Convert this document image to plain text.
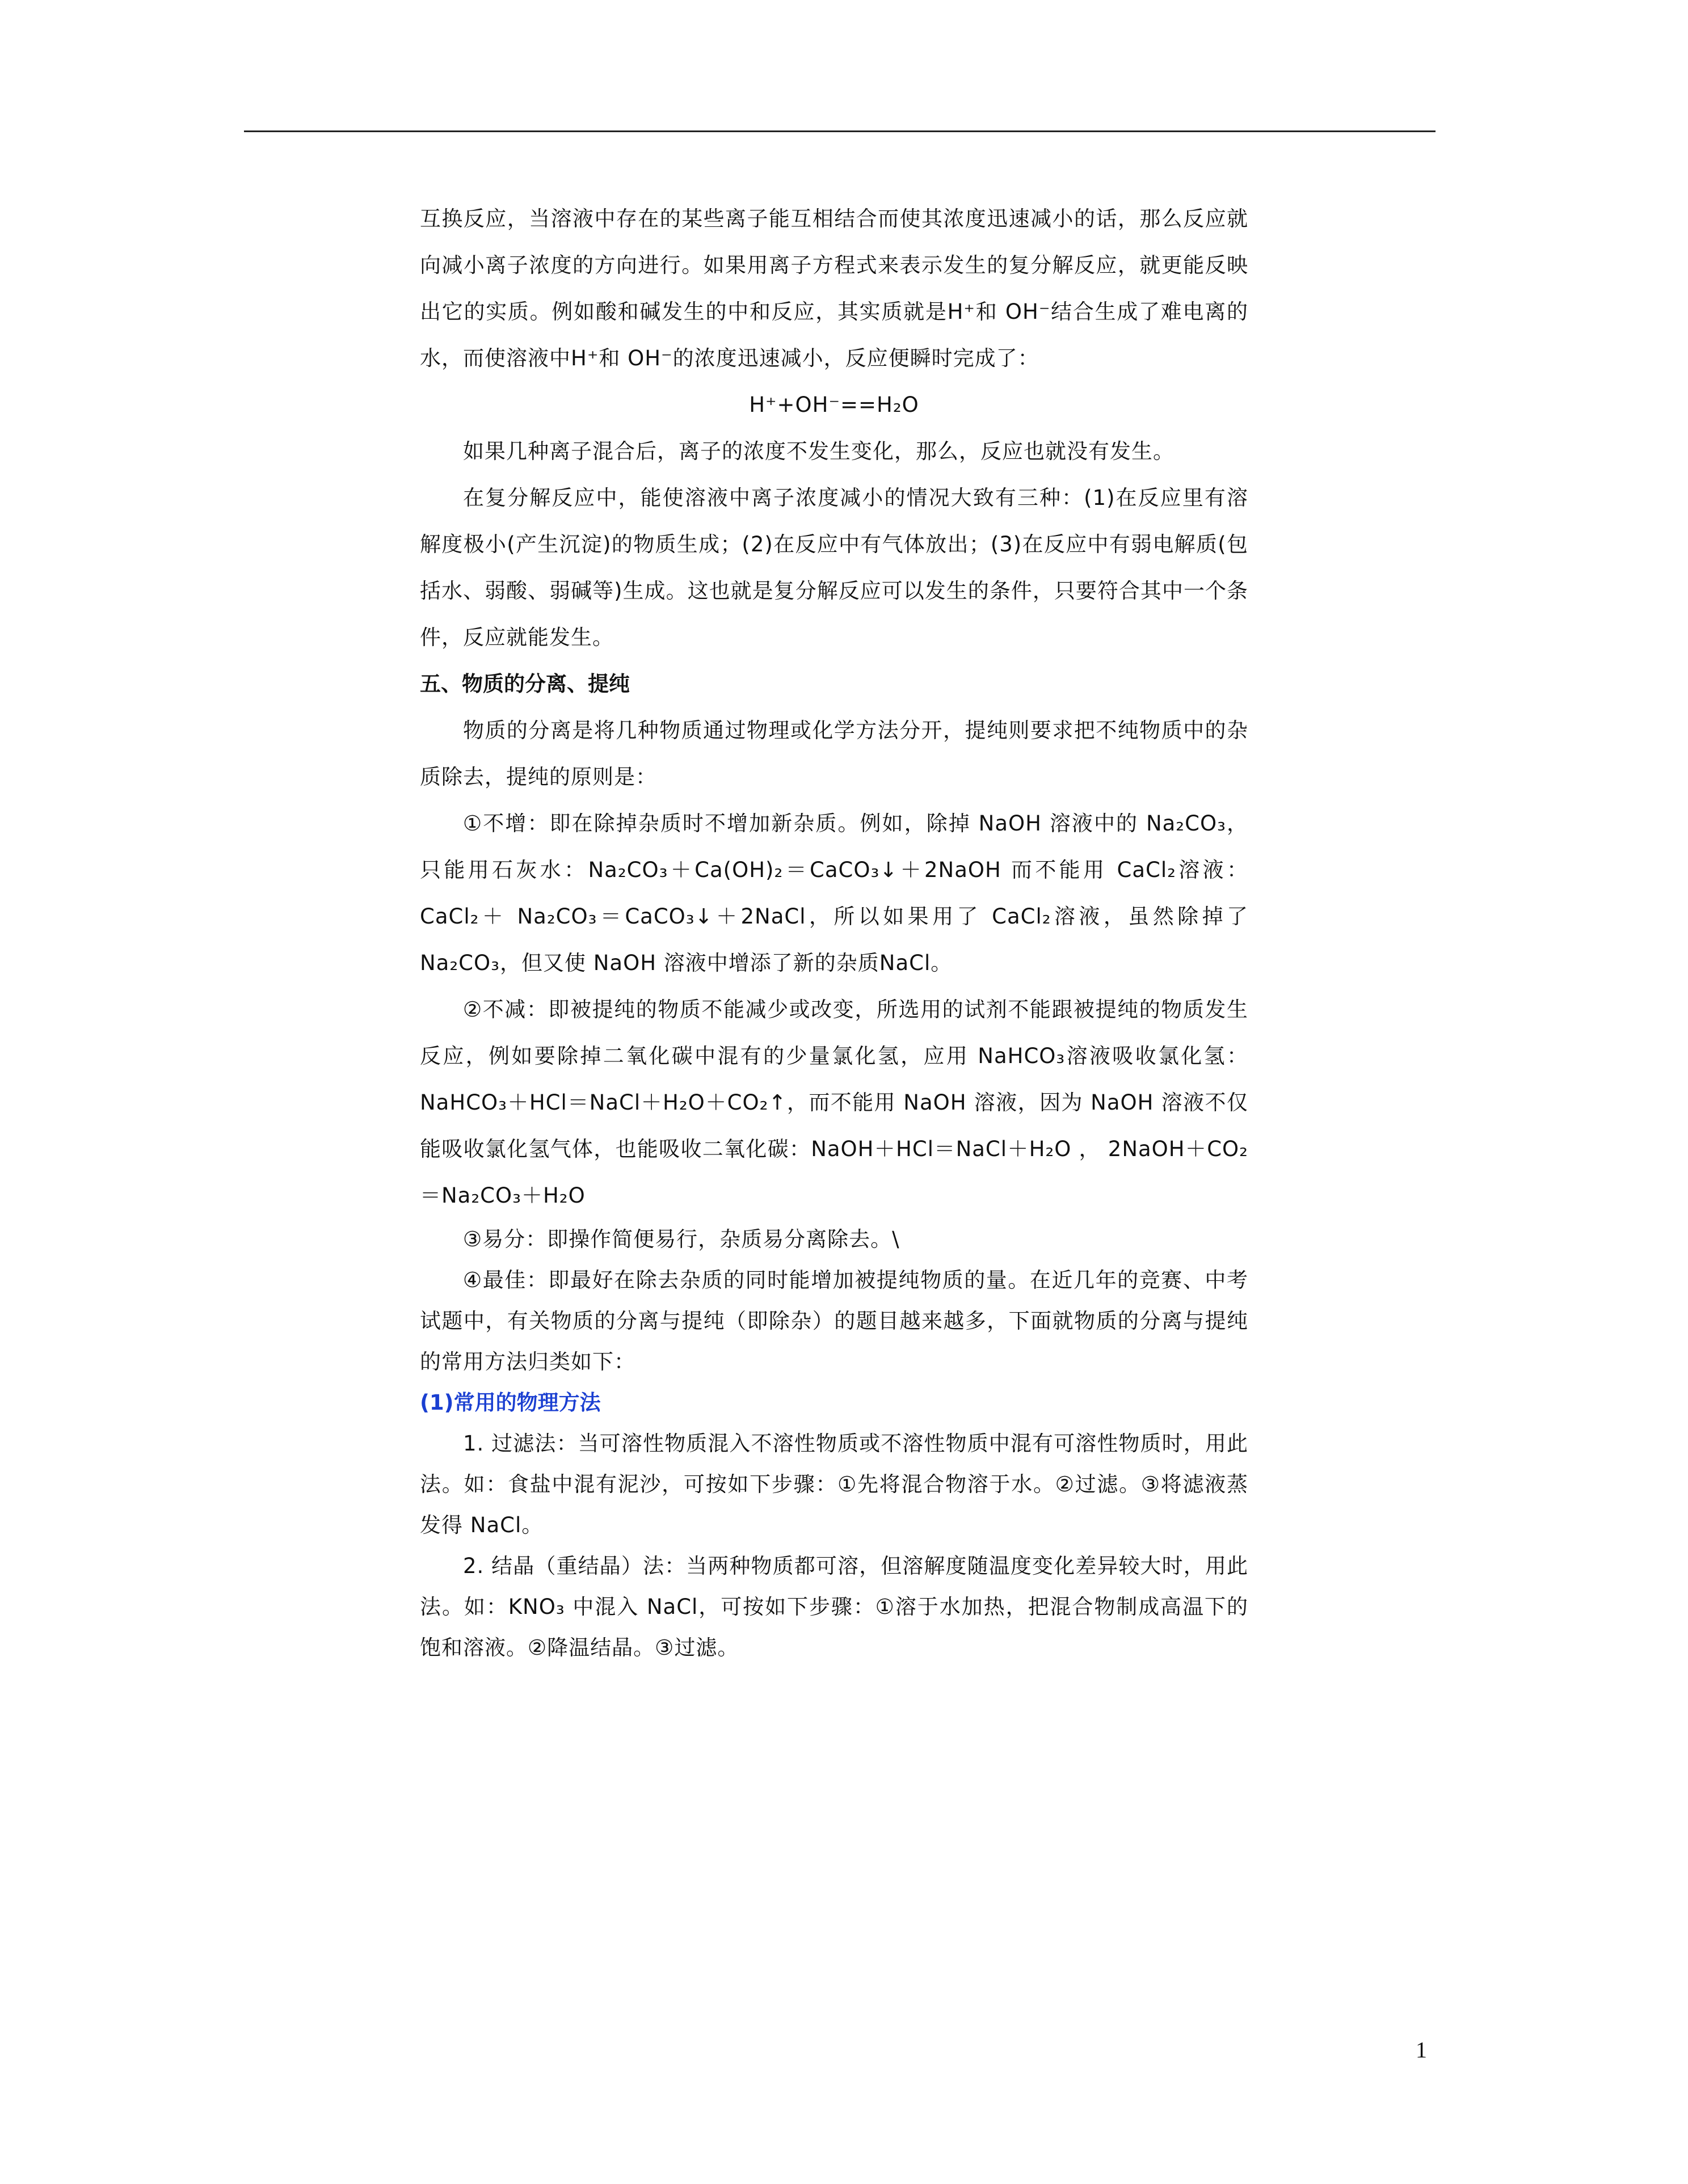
互换反应，当溶液中存在的某些离子能互相结合而使其浓度迅速减小的话，那么反应就向减小离子浓度的方向进行。如果用离子方程式来表示发生的复分解反应，就更能反映出它的实质。例如酸和碱发生的中和反应，其实质就是H⁺和 OH⁻结合生成了难电离的水，而使溶液中H⁺和 OH⁻的浓度迅速减小，反应便瞬时完成了：

H⁺+OH⁻==H₂O

如果几种离子混合后，离子的浓度不发生变化，那么，反应也就没有发生。

在复分解反应中，能使溶液中离子浓度减小的情况大致有三种：(1)在反应里有溶解度极小(产生沉淀)的物质生成；(2)在反应中有气体放出；(3)在反应中有弱电解质(包括水、弱酸、弱碱等)生成。这也就是复分解反应可以发生的条件，只要符合其中一个条件，反应就能发生。

五、物质的分离、提纯

物质的分离是将几种物质通过物理或化学方法分开，提纯则要求把不纯物质中的杂质除去，提纯的原则是：

①不增：即在除掉杂质时不增加新杂质。例如，除掉 NaOH 溶液中的 Na₂CO₃，只能用石灰水：Na₂CO₃＋Ca(OH)₂＝CaCO₃↓＋2NaOH 而不能用 CaCl₂溶液：CaCl₂＋ Na₂CO₃＝CaCO₃↓＋2NaCl，所以如果用了 CaCl₂溶液，虽然除掉了 Na₂CO₃，但又使 NaOH 溶液中增添了新的杂质NaCl。

②不减：即被提纯的物质不能减少或改变，所选用的试剂不能跟被提纯的物质发生反应，例如要除掉二氧化碳中混有的少量氯化氢，应用 NaHCO₃溶液吸收氯化氢：NaHCO₃＋HCl＝NaCl＋H₂O＋CO₂↑，而不能用 NaOH 溶液，因为 NaOH 溶液不仅能吸收氯化氢气体，也能吸收二氧化碳：NaOH＋HCl＝NaCl＋H₂O ， 2NaOH＋CO₂＝Na₂CO₃＋H₂O

③易分：即操作简便易行，杂质易分离除去。\

④最佳：即最好在除去杂质的同时能增加被提纯物质的量。在近几年的竞赛、中考试题中，有关物质的分离与提纯（即除杂）的题目越来越多，下面就物质的分离与提纯的常用方法归类如下：

(1)常用的物理方法

1. 过滤法：当可溶性物质混入不溶性物质或不溶性物质中混有可溶性物质时，用此法。如：食盐中混有泥沙，可按如下步骤：①先将混合物溶于水。②过滤。③将滤液蒸发得 NaCl。

2. 结晶（重结晶）法：当两种物质都可溶，但溶解度随温度变化差异较大时，用此法。如：KNO₃ 中混入 NaCl，可按如下步骤：①溶于水加热，把混合物制成高温下的饱和溶液。②降温结晶。③过滤。

1
